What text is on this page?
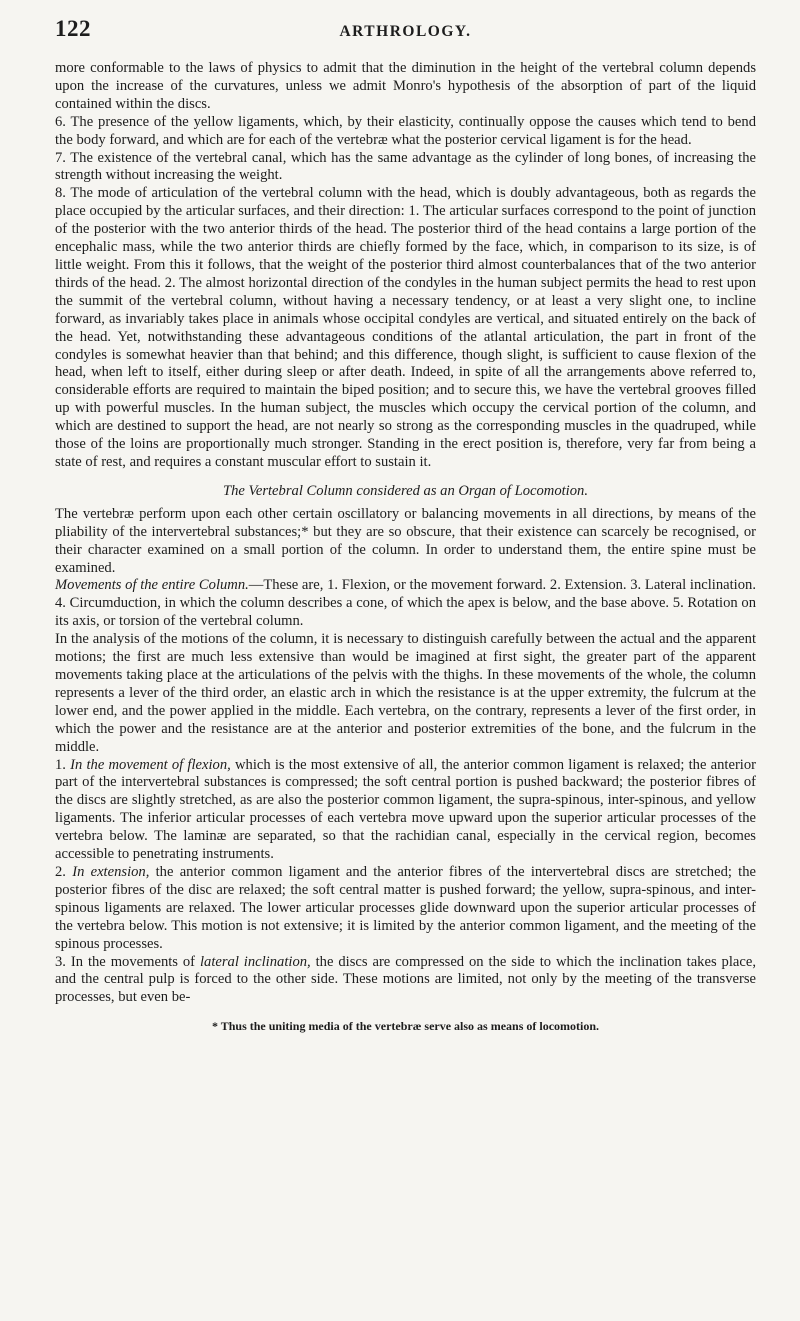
122	ARTHROLOGY.

more conformable to the laws of physics to admit that the diminution in the height of the vertebral column depends upon the increase of the curvatures, unless we admit Monro's hypothesis of the absorption of part of the liquid contained within the discs.

6. The presence of the yellow ligaments, which, by their elasticity, continually oppose the causes which tend to bend the body forward, and which are for each of the vertebræ what the posterior cervical ligament is for the head.

7. The existence of the vertebral canal, which has the same advantage as the cylinder of long bones, of increasing the strength without increasing the weight.

8. The mode of articulation of the vertebral column with the head, which is doubly advantageous, both as regards the place occupied by the articular surfaces, and their direction: 1. The articular surfaces correspond to the point of junction of the posterior with the two anterior thirds of the head. The posterior third of the head contains a large portion of the encephalic mass, while the two anterior thirds are chiefly formed by the face, which, in comparison to its size, is of little weight. From this it follows, that the weight of the posterior third almost counterbalances that of the two anterior thirds of the head. 2. The almost horizontal direction of the condyles in the human subject permits the head to rest upon the summit of the vertebral column, without having a necessary tendency, or at least a very slight one, to incline forward, as invariably takes place in animals whose occipital condyles are vertical, and situated entirely on the back of the head. Yet, notwithstanding these advantageous conditions of the atlantal articulation, the part in front of the condyles is somewhat heavier than that behind; and this difference, though slight, is sufficient to cause flexion of the head, when left to itself, either during sleep or after death. Indeed, in spite of all the arrangements above referred to, considerable efforts are required to maintain the biped position; and to secure this, we have the vertebral grooves filled up with powerful muscles. In the human subject, the muscles which occupy the cervical portion of the column, and which are destined to support the head, are not nearly so strong as the corresponding muscles in the quadruped, while those of the loins are proportionally much stronger. Standing in the erect position is, therefore, very far from being a state of rest, and requires a constant muscular effort to sustain it.

The Vertebral Column considered as an Organ of Locomotion.

The vertebræ perform upon each other certain oscillatory or balancing movements in all directions, by means of the pliability of the intervertebral substances;* but they are so obscure, that their existence can scarcely be recognised, or their character examined on a small portion of the column. In order to understand them, the entire spine must be examined.

Movements of the entire Column.—These are, 1. Flexion, or the movement forward. 2. Extension. 3. Lateral inclination. 4. Circumduction, in which the column describes a cone, of which the apex is below, and the base above. 5. Rotation on its axis, or torsion of the vertebral column.

In the analysis of the motions of the column, it is necessary to distinguish carefully between the actual and the apparent motions; the first are much less extensive than would be imagined at first sight, the greater part of the apparent movements taking place at the articulations of the pelvis with the thighs. In these movements of the whole, the column represents a lever of the third order, an elastic arch in which the resistance is at the upper extremity, the fulcrum at the lower end, and the power applied in the middle. Each vertebra, on the contrary, represents a lever of the first order, in which the power and the resistance are at the anterior and posterior extremities of the bone, and the fulcrum in the middle.

1. In the movement of flexion, which is the most extensive of all, the anterior common ligament is relaxed; the anterior part of the intervertebral substances is compressed; the soft central portion is pushed backward; the posterior fibres of the discs are slightly stretched, as are also the posterior common ligament, the supra-spinous, inter-spinous, and yellow ligaments. The inferior articular processes of each vertebra move upward upon the superior articular processes of the vertebra below. The laminæ are separated, so that the rachidian canal, especially in the cervical region, becomes accessible to penetrating instruments.

2. In extension, the anterior common ligament and the anterior fibres of the intervertebral discs are stretched; the posterior fibres of the disc are relaxed; the soft central matter is pushed forward; the yellow, supra-spinous, and inter-spinous ligaments are relaxed. The lower articular processes glide downward upon the superior articular processes of the vertebra below. This motion is not extensive; it is limited by the anterior common ligament, and the meeting of the spinous processes.

3. In the movements of lateral inclination, the discs are compressed on the side to which the inclination takes place, and the central pulp is forced to the other side. These motions are limited, not only by the meeting of the transverse processes, but even be-

* Thus the uniting media of the vertebræ serve also as means of locomotion.
